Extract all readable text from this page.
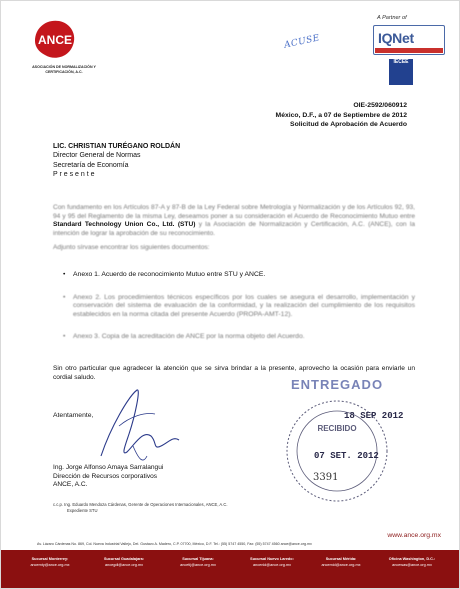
ANCE
ASOCIACIÓN DE NORMALIZACIÓN Y CERTIFICACIÓN, A.C.
ACUSE
A Partner of
IQNet
IECEE
OIE-2592/060912
México, D.F., a 07 de Septiembre de 2012
Solicitud de Aprobación de Acuerdo
LIC. CHRISTIAN TURÉGANO ROLDÁN
Director General de Normas
Secretaría de Economía
P r e s e n t e
Con fundamento en los Artículos 87-A y 87-B de la Ley Federal sobre Metrología y Normalización y de los Artículos 92, 93, 94 y 95 del Reglamento de la misma Ley, deseamos poner a su consideración el Acuerdo de Reconocimiento Mutuo entre Standard Technology Union Co., Ltd. (STU) y la Asociación de Normalización y Certificación, A.C. (ANCE), con la intención de lograr la aprobación de su reconocimiento.
Adjunto sírvase encontrar los siguientes documentos:
• Anexo 1. Acuerdo de reconocimiento Mutuo entre STU y ANCE.
• Anexo 2. Los procedimientos técnicos específicos por los cuales se asegura el desarrollo, implementación y conservación del sistema de evaluación de la conformidad, y la realización del cumplimiento de los requisitos establecidos en la norma citada del presente Acuerdo (PROPA-AMT-12).
• Anexo 3. Copia de la acreditación de ANCE por la norma objeto del Acuerdo.
Sin otro particular que agradecer la atención que se sirva brindar a la presente, aprovecho la ocasión para enviarle un cordial saludo.
Atentamente,
Ing. Jorge Alfonso Amaya Sarralangui
Dirección de Recursos corporativos
ANCE, A.C.
c.c.p. Ing. Eduardo Mendoza Cárdenas, Gerente de Operaciones Internacionales, ANCE, A.C.
Expediente STU
ENTREGADO
18 SEP 2012
RECIBIDO
07 SET. 2012
3391
www.ance.org.mx
Av. Lázaro Cárdenas No. 869, Col. Nueva Industrial Vallejo, Del. Gustavo A. Madero, C.P. 07700, México, D.F. Tel.: (55) 5747 4550, Fax: (55) 5747 4560 ance@ance.org.mx
Sucursal Monterrey:
ancemty@ance.org.mx
Sucursal Guadalajara:
ancegdl@ance.org.mx
Sucursal Tijuana:
ancetij@ance.org.mx
Sucursal Nuevo Laredo:
ancenld@ance.org.mx
Sucursal Mérida:
ancemid@ance.org.mx
Oficina Washington, D.C.:
ancewas@ance.org.mx
